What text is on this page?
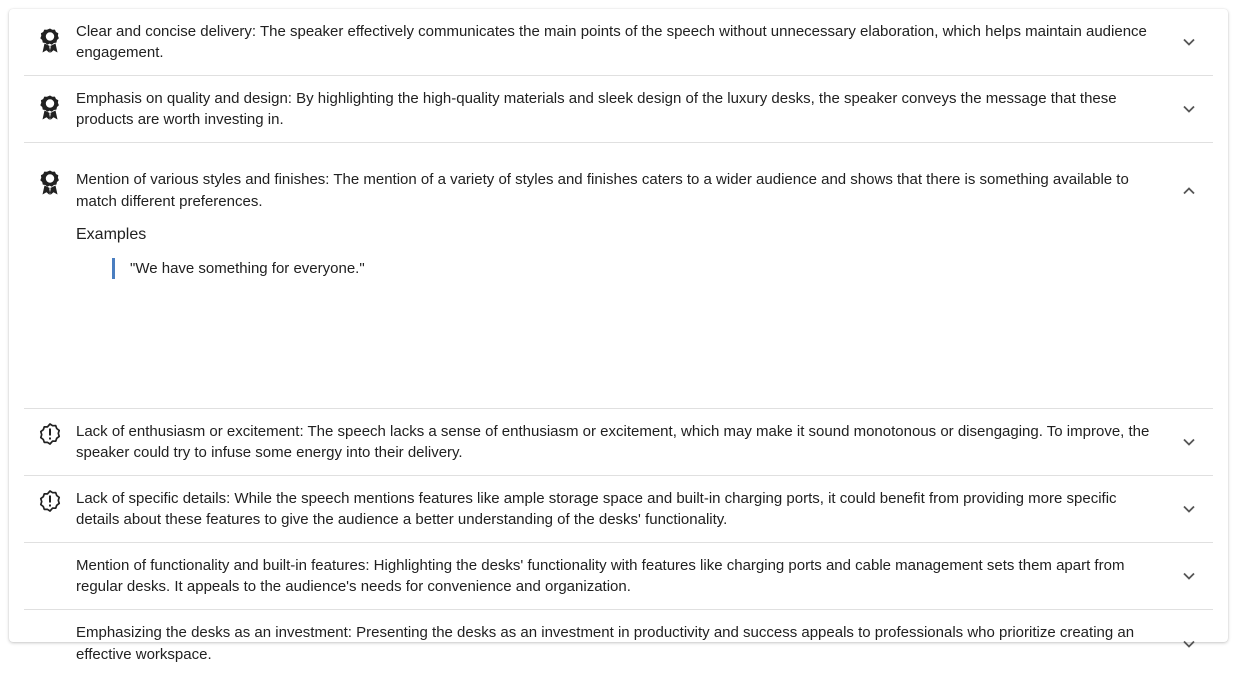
Clear and concise delivery: The speaker effectively communicates the main points of the speech without unnecessary elaboration, which helps maintain audience engagement.
Emphasis on quality and design: By highlighting the high-quality materials and sleek design of the luxury desks, the speaker conveys the message that these products are worth investing in.
Mention of various styles and finishes: The mention of a variety of styles and finishes caters to a wider audience and shows that there is something available to match different preferences.
Examples
"We have something for everyone."
Lack of enthusiasm or excitement: The speech lacks a sense of enthusiasm or excitement, which may make it sound monotonous or disengaging. To improve, the speaker could try to infuse some energy into their delivery.
Lack of specific details: While the speech mentions features like ample storage space and built-in charging ports, it could benefit from providing more specific details about these features to give the audience a better understanding of the desks' functionality.
Mention of functionality and built-in features: Highlighting the desks' functionality with features like charging ports and cable management sets them apart from regular desks. It appeals to the audience's needs for convenience and organization.
Emphasizing the desks as an investment: Presenting the desks as an investment in productivity and success appeals to professionals who prioritize creating an effective workspace.
